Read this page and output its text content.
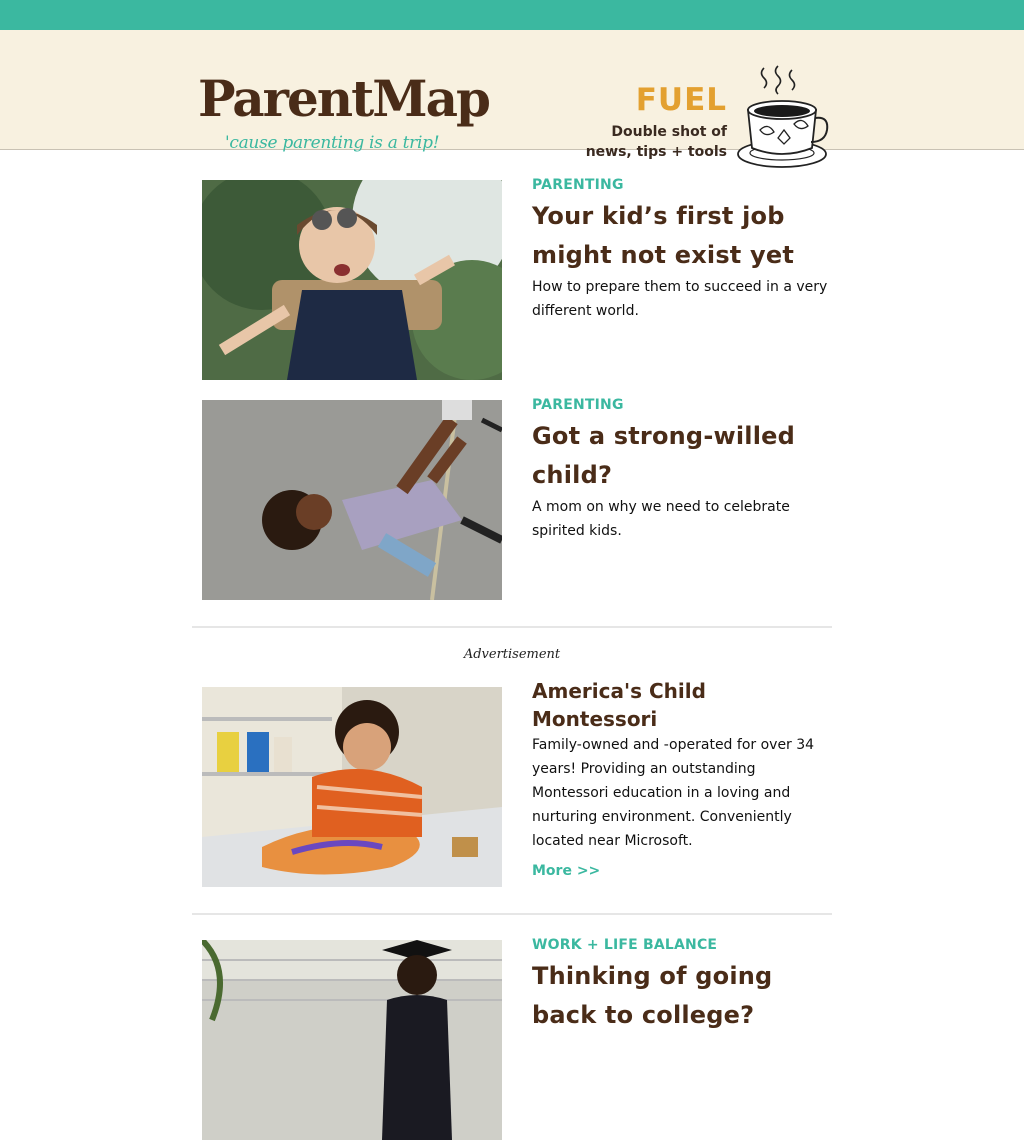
ParentMap
'cause parenting is a trip!
FUEL
Double shot of
news, tips + tools
PARENTING
Your kid’s first job might not exist yet
How to prepare them to succeed in a very different world.
PARENTING
Got a strong-willed child?
A mom on why we need to celebrate spirited kids.
Advertisement
America's Child Montessori
Family-owned and -operated for over 34 years! Providing an outstanding Montessori education in a loving and nurturing environment. Conveniently located near Microsoft.
More >>
WORK + LIFE BALANCE
Thinking of going back to college?
